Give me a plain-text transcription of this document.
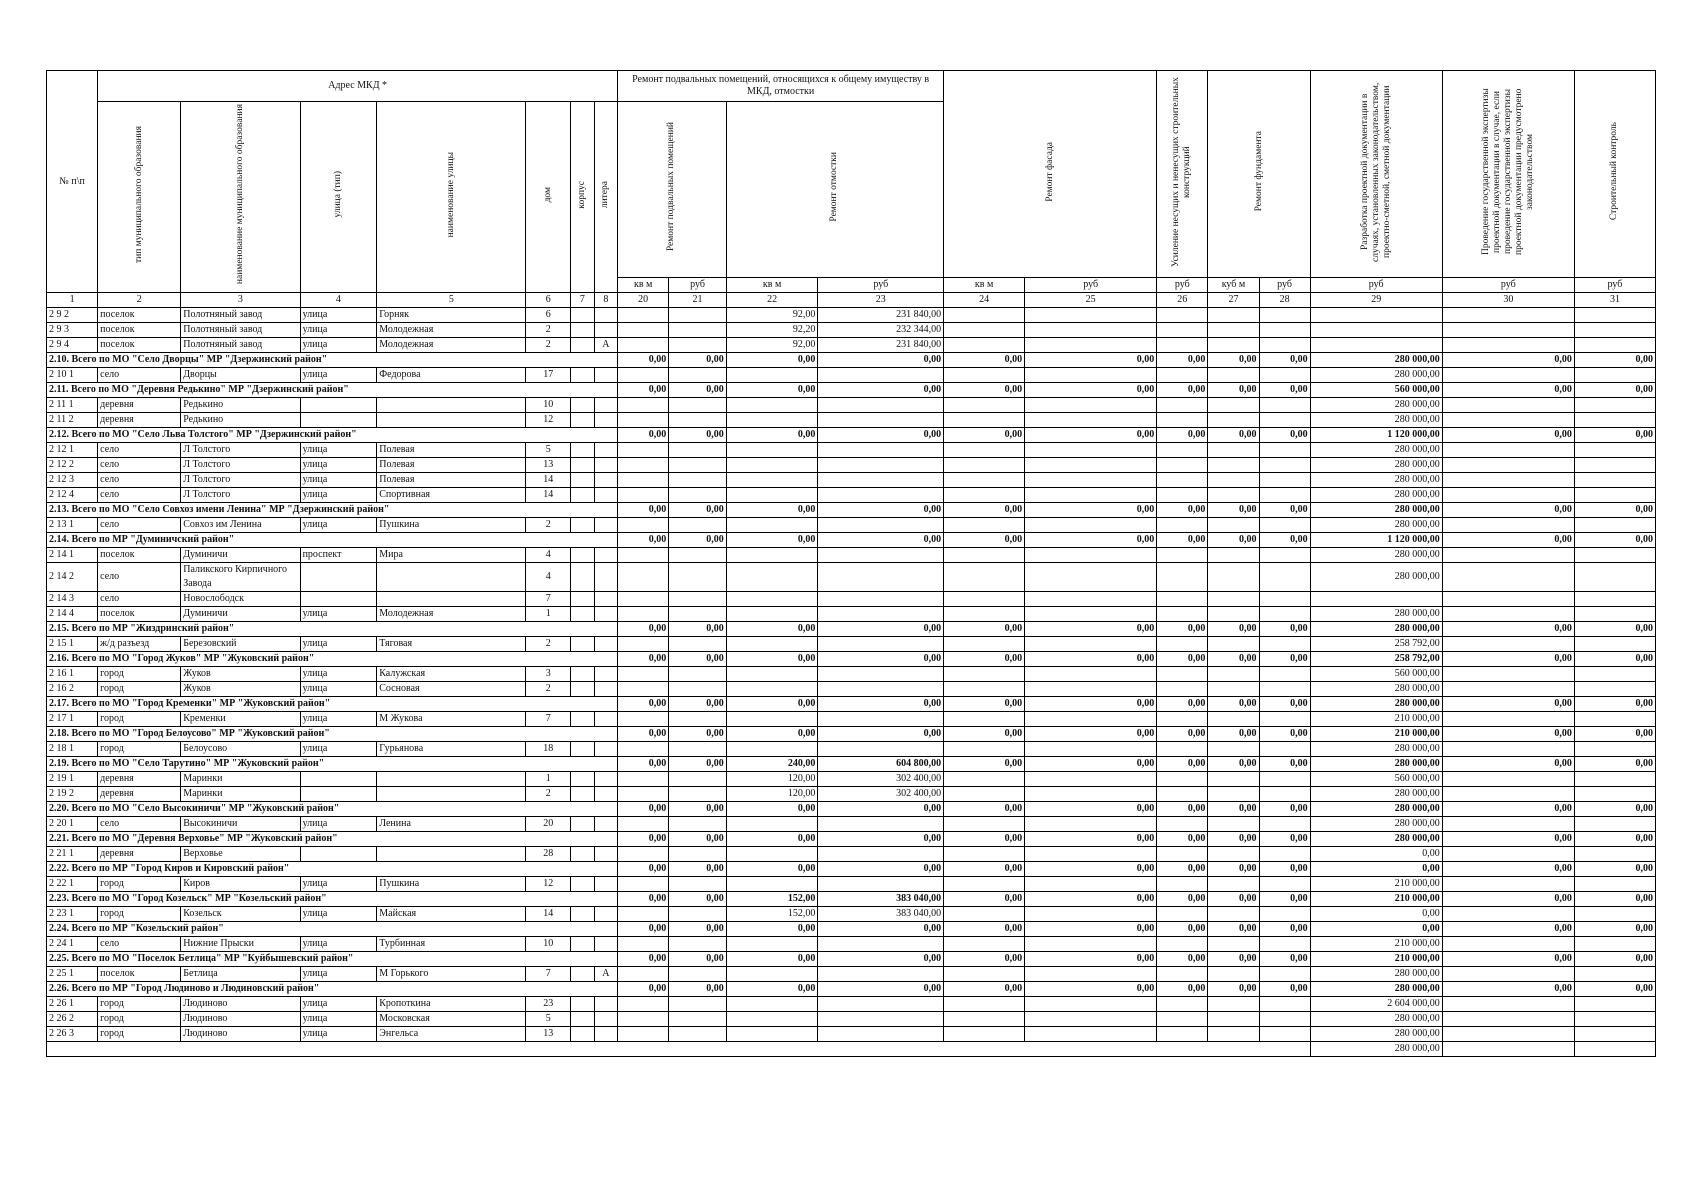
№ п\п	Адрес МКД *							Ремонт подвальных помещений, относящихся к общему имуществу в МКД, отмостки				Ремонт фасада		Усиление несущих и ненесущих строительных конструкций	Ремонт фундамента		Разработка проектной документации в случаях, установленных законодательством, проектно-сметной, сметной документации	Проведение государственной экспертизы проектной документации в случае, если проведение государственной экспертизы проектной документации предусмотрено законодательством	Строительный контроль
	тип муниципального образования	наименование муниципального образования	улица (тип)	наименование улицы	дом	корпус	литера	Ремонт подвальных помещений		Ремонт отмостки									
								кв м	руб	кв м	руб	кв м	руб	руб	куб м	руб	руб	руб	руб
1	2	3	4	5	6	7	8	20	21	22	23	24	25	26	27	28	29	30	31
2 9 2	поселок	Полотняный завод	улица	Горняк	6					92,00	231 840,00								
2 9 3	поселок	Полотняный завод	улица	Молодежная	2					92,20	232 344,00								
2 9 4	поселок	Полотняный завод	улица	Молодежная	2		А			92,00	231 840,00								
2.10. Всего по МО "Село Дворцы" МР "Дзержинский район"								0,00	0,00	0,00	0,00	0,00	0,00	0,00	0,00	0,00	280 000,00	0,00	0,00
2 10 1	село	Дворцы	улица	Федорова	17												280 000,00		
2.11. Всего по МО "Деревня Редькино" МР "Дзержинский район"								0,00	0,00	0,00	0,00	0,00	0,00	0,00	0,00	0,00	560 000,00	0,00	0,00
2 11 1	деревня	Редькино			10												280 000,00		
2 11 2	деревня	Редькино			12												280 000,00		
2.12. Всего по МО "Село Льва Толстого" МР "Дзержинский район"								0,00	0,00	0,00	0,00	0,00	0,00	0,00	0,00	0,00	1 120 000,00	0,00	0,00
2 12 1	село	Л Толстого	улица	Полевая	5												280 000,00		
2 12 2	село	Л Толстого	улица	Полевая	13												280 000,00		
2 12 3	село	Л Толстого	улица	Полевая	14												280 000,00		
2 12 4	село	Л Толстого	улица	Спортивная	14												280 000,00		
2.13. Всего по МО "Село Совхоз имени Ленина" МР "Дзержинский район"								0,00	0,00	0,00	0,00	0,00	0,00	0,00	0,00	0,00	280 000,00	0,00	0,00
2 13 1	село	Совхоз им Ленина	улица	Пушкина	2												280 000,00		
2.14. Всего по МР "Думиничский район"								0,00	0,00	0,00	0,00	0,00	0,00	0,00	0,00	0,00	1 120 000,00	0,00	0,00
2 14 1	поселок	Думиничи	проспект	Мира	4												280 000,00		
2 14 2	село	Палик​ского Кирпичного Завода			4												280 000,00		
2 14 3	село	Новослободск			7														
2 14 4	поселок	Думиничи	улица	Молодежная	1												280 000,00		
2.15. Всего по МР "Жиздринский район"								0,00	0,00	0,00	0,00	0,00	0,00	0,00	0,00	0,00	280 000,00	0,00	0,00
2 15 1	ж/д разъезд	Березовский	улица	Тяговая	2												258 792,00		
2.16. Всего по МО "Город Жуков" МР "Жуковский район"								0,00	0,00	0,00	0,00	0,00	0,00	0,00	0,00	0,00	258 792,00	0,00	0,00
2 16 1	город	Жуков	улица	Калужская	3												560 000,00		
2 16 2	город	Жуков	улица	Сосновая	2												280 000,00		
2.17. Всего по МО "Город Кременки" МР "Жуковский район"								0,00	0,00	0,00	0,00	0,00	0,00	0,00	0,00	0,00	280 000,00	0,00	0,00
2 17 1	город	Кременки	улица	М Жукова	7												210 000,00		
2.18. Всего по МО "Город Белоусово" МР "Жуковский район"								0,00	0,00	0,00	0,00	0,00	0,00	0,00	0,00	0,00	210 000,00	0,00	0,00
2 18 1	город	Белоусово	улица	Гурьянова	18												280 000,00		
2.19. Всего по МО "Село Тарутино" МР "Жуковский район"								0,00	0,00	240,00	604 800,00	0,00	0,00	0,00	0,00	0,00	280 000,00	0,00	0,00
2 19 1	деревня	Маринки			1					120,00	302 400,00						560 000,00		
2 19 2	деревня	Маринки			2					120,00	302 400,00						280 000,00		
2.20. Всего по МО "Село Высокиничи" МР "Жуковский район"								0,00	0,00	0,00	0,00	0,00	0,00	0,00	0,00	0,00	280 000,00	0,00	0,00
2 20 1	село	Высокиничи	улица	Ленина	20												280 000,00		
2.21. Всего по МО "Деревня Верховье" МР "Жуковский район"								0,00	0,00	0,00	0,00	0,00	0,00	0,00	0,00	0,00	280 000,00	0,00	0,00
2 21 1	деревня	Верховье			28												0,00		
2.22. Всего по МР "Город Киров и Кировский район"								0,00	0,00	0,00	0,00	0,00	0,00	0,00	0,00	0,00	0,00	0,00	0,00
2 22 1	город	Киров	улица	Пушкина	12												210 000,00		
2.23. Всего по МО "Город Козельск" МР "Козельский район"								0,00	0,00	152,00	383 040,00	0,00	0,00	0,00	0,00	0,00	210 000,00	0,00	0,00
2 23 1	город	Козельск	улица	Майская	14					152,00	383 040,00						0,00		
2.24. Всего по МР "Козельский район"								0,00	0,00	0,00	0,00	0,00	0,00	0,00	0,00	0,00	0,00	0,00	0,00
2 24 1	село	Нижние Прыски	улица	Турбинная	10												210 000,00		
2.25. Всего по МО "Поселок Бетлица" МР "Куйбышевский район"								0,00	0,00	0,00	0,00	0,00	0,00	0,00	0,00	0,00	210 000,00	0,00	0,00
2 25 1	поселок	Бетлица	улица	М Горького	7		А										280 000,00		
2.26. Всего по МР "Город Людиново и Людиновский район"								0,00	0,00	0,00	0,00	0,00	0,00	0,00	0,00	0,00	280 000,00	0,00	0,00
2 26 1	город	Людиново	улица	Кропоткина	23												2 604 000,00		
2 26 2	город	Людиново	улица	Московская	5												280 000,00		
2 26 3	город	Людиново	улица	Энгельса	13												280 000,00		
																	280 000,00		
